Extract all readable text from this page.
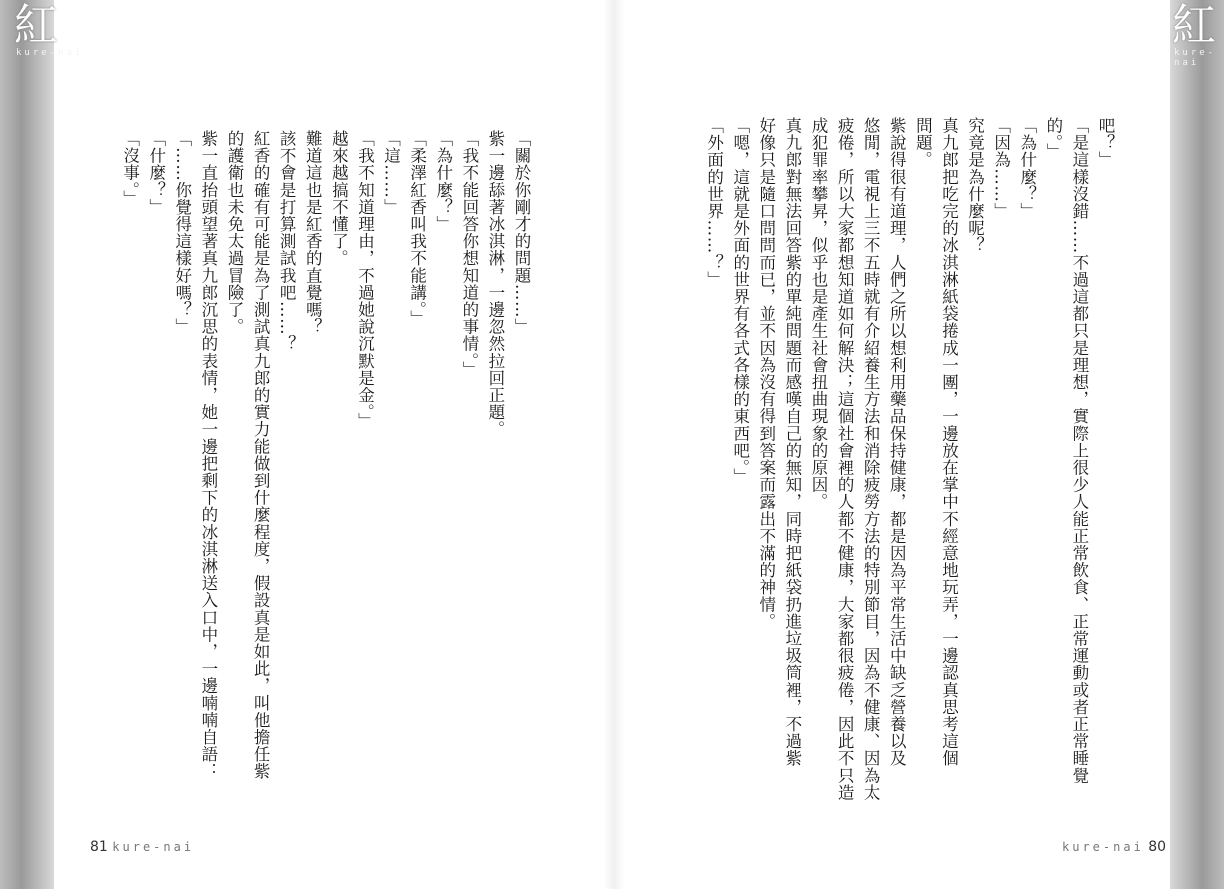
紅
kure-nai
紅
kure-nai
吧？」
「是這樣沒錯……不過這都只是理想，實際上很少人能正常飲食、正常運動或者正常睡覺
的。」
「為什麼？」
「因為……」
究竟是為什麼呢？
真九郎把吃完的冰淇淋紙袋捲成一團，一邊放在掌中不經意地玩弄，一邊認真思考這個
問題。
紫說得很有道理，人們之所以想利用藥品保持健康，都是因為平常生活中缺乏營養以及
悠閒，電視上三不五時就有介紹養生方法和消除疲勞方法的特別節目，因為不健康、因為太
疲倦，所以大家都想知道如何解決；這個社會裡的人都不健康，大家都很疲倦，因此不只造
成犯罪率攀昇，似乎也是產生社會扭曲現象的原因。
真九郎對無法回答紫的單純問題而感嘆自己的無知，同時把紙袋扔進垃圾筒裡，不過紫
好像只是隨口問問而已，並不因為沒有得到答案而露出不滿的神情。
「嗯，這就是外面的世界有各式各樣的東西吧。」
「外面的世界……？」
「關於你剛才的問題……」
紫一邊舔著冰淇淋，一邊忽然拉回正題。
「我不能回答你想知道的事情。」
「為什麼？」
「柔澤紅香叫我不能講。」
「這……」
「我不知道理由，不過她說沉默是金。」
越來越搞不懂了。
難道這也是紅香的直覺嗎？
該不會是打算測試我吧……？
紅香的確有可能是為了測試真九郎的實力能做到什麼程度，假設真是如此，叫他擔任紫
的護衛也未免太過冒險了。
紫一直抬頭望著真九郎沉思的表情，她一邊把剩下的冰淇淋送入口中，一邊喃喃自語：
「……你覺得這樣好嗎？」
「什麼？」
「沒事。」
81 kure-nai	kure-nai 80
